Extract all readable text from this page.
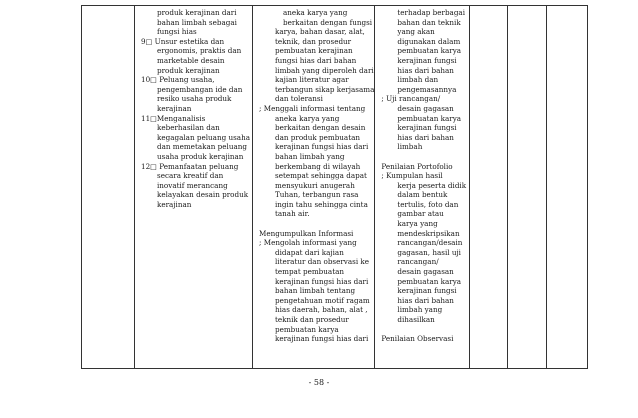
produk kerajinan dari
bahan limbah sebagai
fungsi hias
9□ Unsur estetika dan
ergonomis, praktis dan
marketable desain
produk kerajinan
10□ Peluang usaha,
pengembangan ide dan
resiko usaha produk
kerajinan
11□Menganalisis
keberhasilan dan
kegagalan peluang usaha
dan memetakan peluang
usaha produk kerajinan
12□ Pemanfaatan peluang
secara kreatif dan
inovatif merancang
kelayakan desain produk
kerajinan

aneka karya yang
berkaitan dengan fungsi
karya, bahan dasar, alat,
teknik, dan prosedur
pembuatan kerajinan
fungsi hias dari bahan
limbah yang diperoleh dari
kajian literatur agar
terbangun sikap kerjasama
dan toleransi
; Menggali informasi tentang
aneka karya yang
berkaitan dengan desain
dan produk pembuatan
kerajinan fungsi hias dari
bahan limbah yang
berkembang di wilayah
setempat sehingga dapat
mensyukuri anugerah
Tuhan, terbangun rasa
ingin tahu sehingga cinta
tanah air.
Mengumpulkan Informasi
; Mengolah informasi yang
didapat dari kajian
literatur dan observasi ke
tempat pembuatan
kerajinan fungsi hias dari
bahan limbah tentang
pengetahuan motif ragam
hias daerah, bahan, alat ,
teknik dan prosedur
pembuatan karya
kerajinan fungsi hias dari

terhadap berbagai
bahan dan teknik
yang akan
digunakan dalam
pembuatan karya
kerajinan fungsi
hias dari bahan
limbah dan
pengemasannya
; Uji rancangan/
desain gagasan
pembuatan karya
kerajinan fungsi
hias dari bahan
limbah
Penilaian Portofolio
; Kumpulan hasil
kerja peserta didik
dalam bentuk
tertulis, foto dan
gambar atau
karya yang
mendeskripsikan
rancangan/desain
gagasan, hasil uji
rancangan/
desain gagasan
pembuatan karya
kerajinan fungsi
hias dari bahan
limbah yang
dihasilkan
Penilaian Observasi

- 58 -
